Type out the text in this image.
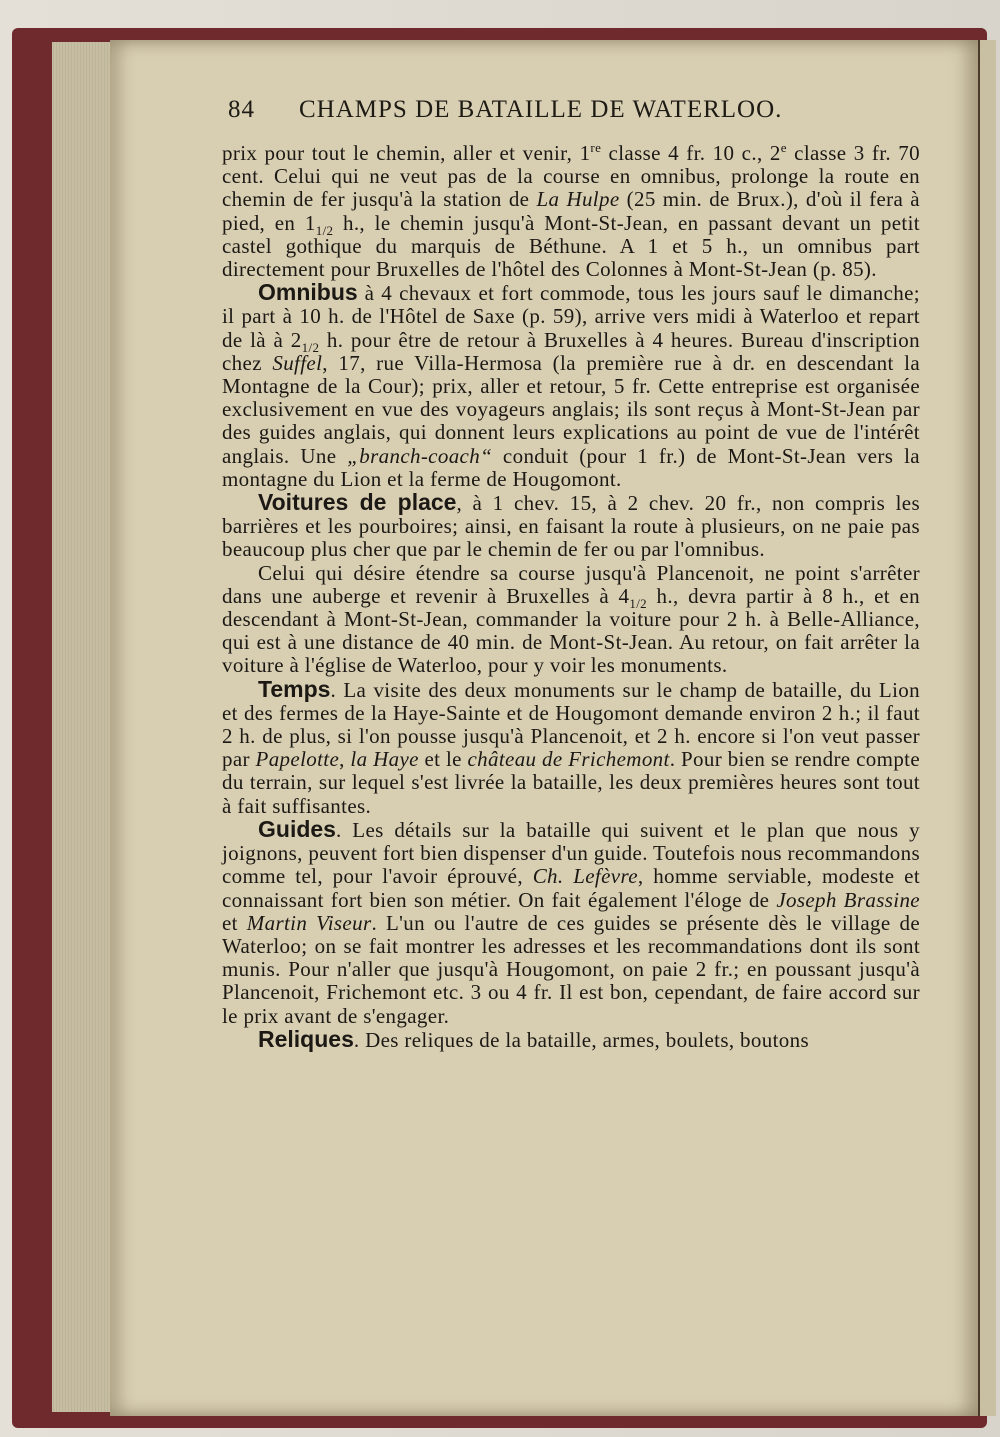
84 CHAMPS DE BATAILLE DE WATERLOO.

prix pour tout le chemin, aller et venir, 1re classe 4 fr. 10 c., 2e classe 3 fr. 70 cent. Celui qui ne veut pas de la course en omnibus, prolonge la route en chemin de fer jusqu'à la station de La Hulpe (25 min. de Brux.), d'où il fera à pied, en $1_{1/2}$ h., le chemin jusqu'à Mont-St-Jean, en passant devant un petit castel gothique du marquis de Béthune. A 1 et 5 h., un omnibus part directement pour Bruxelles de l'hôtel des Colonnes à Mont-St-Jean (p. 85).

Omnibus à 4 chevaux et fort commode, tous les jours sauf le dimanche; il part à 10 h. de l'Hôtel de Saxe (p. 59), arrive vers midi à Waterloo et repart de là à $2_{1/2}$ h. pour être de retour à Bruxelles à 4 heures. Bureau d'inscription chez Suffel, 17, rue Villa-Hermosa (la première rue à dr. en descendant la Montagne de la Cour); prix, aller et retour, 5 fr. Cette entreprise est organisée exclusivement en vue des voyageurs anglais; ils sont reçus à Mont-St-Jean par des guides anglais, qui donnent leurs explications au point de vue de l'intérêt anglais. Une „branch-coach“ conduit (pour 1 fr.) de Mont-St-Jean vers la montagne du Lion et la ferme de Hougomont.

Voitures de place, à 1 chev. 15, à 2 chev. 20 fr., non compris les barrières et les pourboires; ainsi, en faisant la route à plusieurs, on ne paie pas beaucoup plus cher que par le chemin de fer ou par l'omnibus.

Celui qui désire étendre sa course jusqu'à Plancenoit, ne point s'arrêter dans une auberge et revenir à Bruxelles à $4_{1/2}$ h., devra partir à 8 h., et en descendant à Mont-St-Jean, commander la voiture pour 2 h. à Belle-Alliance, qui est à une distance de 40 min. de Mont-St-Jean. Au retour, on fait arrêter la voiture à l'église de Waterloo, pour y voir les monuments.

Temps. La visite des deux monuments sur le champ de bataille, du Lion et des fermes de la Haye-Sainte et de Hougomont demande environ 2 h.; il faut 2 h. de plus, si l'on pousse jusqu'à Plancenoit, et 2 h. encore si l'on veut passer par Papelotte, la Haye et le château de Frichemont. Pour bien se rendre compte du terrain, sur lequel s'est livrée la bataille, les deux premières heures sont tout à fait suffisantes.

Guides. Les détails sur la bataille qui suivent et le plan que nous y joignons, peuvent fort bien dispenser d'un guide. Toutefois nous recommandons comme tel, pour l'avoir éprouvé, Ch. Lefèvre, homme serviable, modeste et connaissant fort bien son métier. On fait également l'éloge de Joseph Brassine et Martin Viseur. L'un ou l'autre de ces guides se présente dès le village de Waterloo; on se fait montrer les adresses et les recommandations dont ils sont munis. Pour n'aller que jusqu'à Hougomont, on paie 2 fr.; en poussant jusqu'à Plancenoit, Frichemont etc. 3 ou 4 fr. Il est bon, cependant, de faire accord sur le prix avant de s'engager.

Reliques. Des reliques de la bataille, armes, boulets, boutons
